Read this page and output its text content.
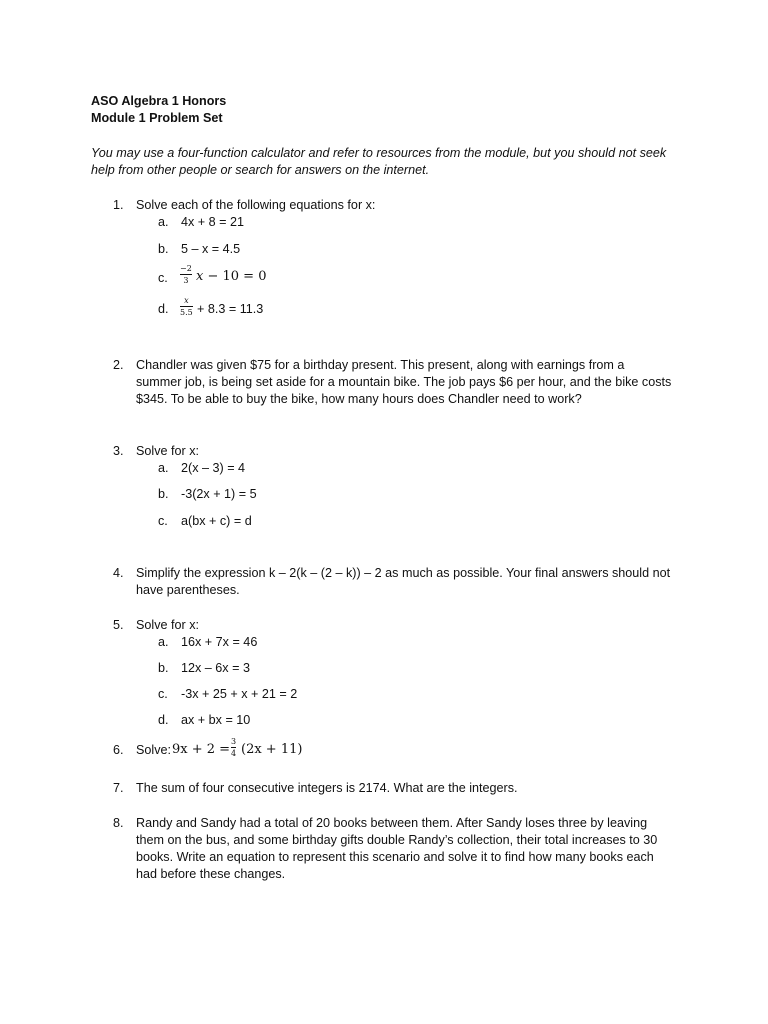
ASO Algebra 1 Honors
Module 1 Problem Set
You may use a four-function calculator and refer to resources from the module, but you should not seek
help from other people or search for answers on the internet.
1. Solve each of the following equations for x:
a. 4x + 8 = 21
b. 5 – x = 4.5
c.
−2
3 x − 10 = 0
d.
x
5.5 + 8.3 = 11.3
2. Chandler was given $75 for a birthday present. This present, along with earnings from a
summer job, is being set aside for a mountain bike. The job pays $6 per hour, and the bike costs
$345. To be able to buy the bike, how many hours does Chandler need to work?
3. Solve for x:
a. 2(x – 3) = 4
b. -3(2x + 1) = 5
c. a(bx + c) = d
4. Simplify the expression k – 2(k – (2 – k)) – 2 as much as possible. Your final answers should not
have parentheses.
5. Solve for x:
a. 16x + 7x = 46
b. 12x – 6x = 3
c. -3x + 25 + x + 21 = 2
d. ax + bx = 10
6. Solve: 9x + 2 =
3
4 (2x + 11)
7. The sum of four consecutive integers is 2174. What are the integers.
8. Randy and Sandy had a total of 20 books between them. After Sandy loses three by leaving
them on the bus, and some birthday gifts double Randy’s collection, their total increases to 30
books. Write an equation to represent this scenario and solve it to find how many books each
had before these changes.
